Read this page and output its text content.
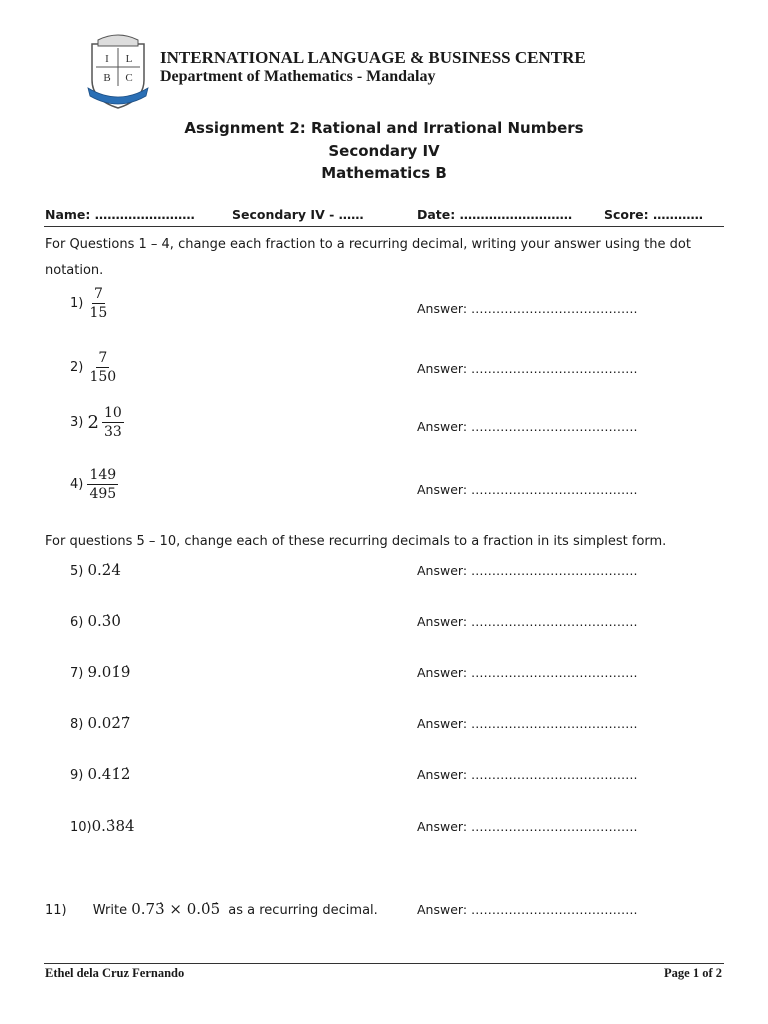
I L
B C
INTERNATIONAL LANGUAGE & BUSINESS CENTRE
Department of Mathematics - Mandalay
Assignment 2: Rational and Irrational Numbers
Secondary IV
Mathematics B
Name: ……………………	Secondary IV - ……	Date: ………………………	Score: …………
For Questions 1 – 4, change each fraction to a recurring decimal, writing your answer using the dot notation.
$1) \frac{7}{15}$	Answer: ………………………………….
$2) \frac{7}{150}$	Answer: ………………………………….
3) $2 \frac{10}{33}$	Answer: ………………………………….
$4) \frac{149}{495}$	Answer: ………………………………….
For questions 5 – 10, change each of these recurring decimals to a fraction in its simplest form.
5) 0.2̇4̇	Answer: ………………………………….
6) 0.3̇0̇	Answer: ………………………………….
7) 9.01̇9̇	Answer: ………………………………….
8) 0.02̇7̇	Answer: ………………………………….
9) 0.41̇2̇	Answer: ………………………………….
10)0.3̇84̇	Answer: ………………………………….
11) Write 0.73̇ × 0.0̇5̇ as a recurring decimal.	Answer: ………………………………….
Ethel dela Cruz Fernando	Page 1 of 2
